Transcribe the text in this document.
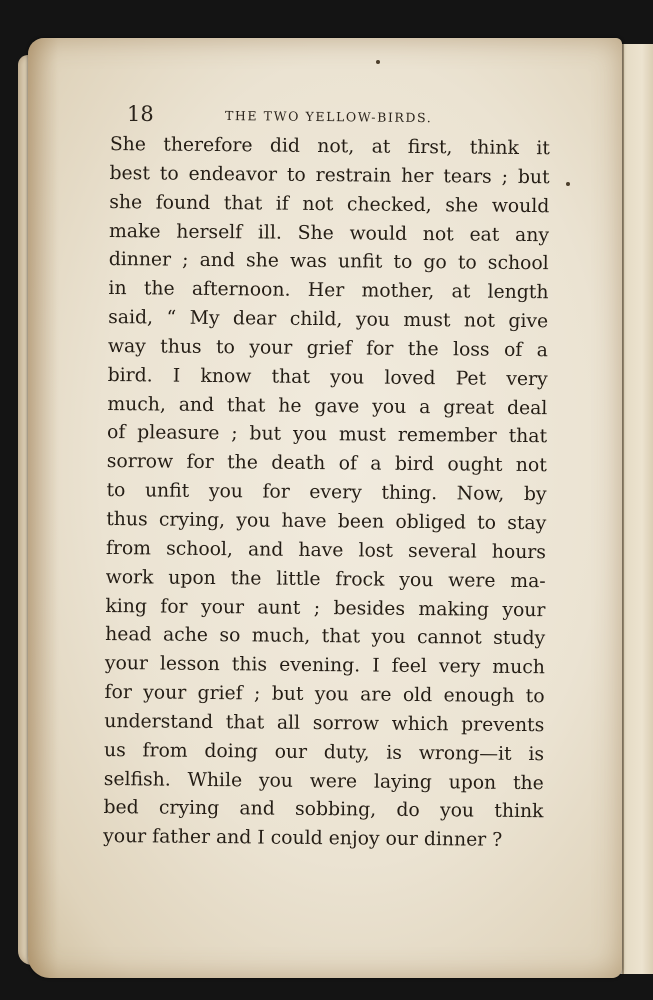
18	THE TWO YELLOW-BIRDS.
She therefore did not, at first, think it
best to endeavor to restrain her tears ; but
she found that if not checked, she would
make herself ill. She would not eat any
dinner ; and she was unfit to go to school
in the afternoon. Her mother, at length
said, “ My dear child, you must not give
way thus to your grief for the loss of a
bird. I know that you loved Pet very
much, and that he gave you a great deal
of pleasure ; but you must remember that
sorrow for the death of a bird ought not
to unfit you for every thing. Now, by
thus crying, you have been obliged to stay
from school, and have lost several hours
work upon the little frock you were ma-
king for your aunt ; besides making your
head ache so much, that you cannot study
your lesson this evening. I feel very much
for your grief ; but you are old enough to
understand that all sorrow which prevents
us from doing our duty, is wrong—it is
selfish. While you were laying upon the
bed crying and sobbing, do you think
your father and I could enjoy our dinner ?
